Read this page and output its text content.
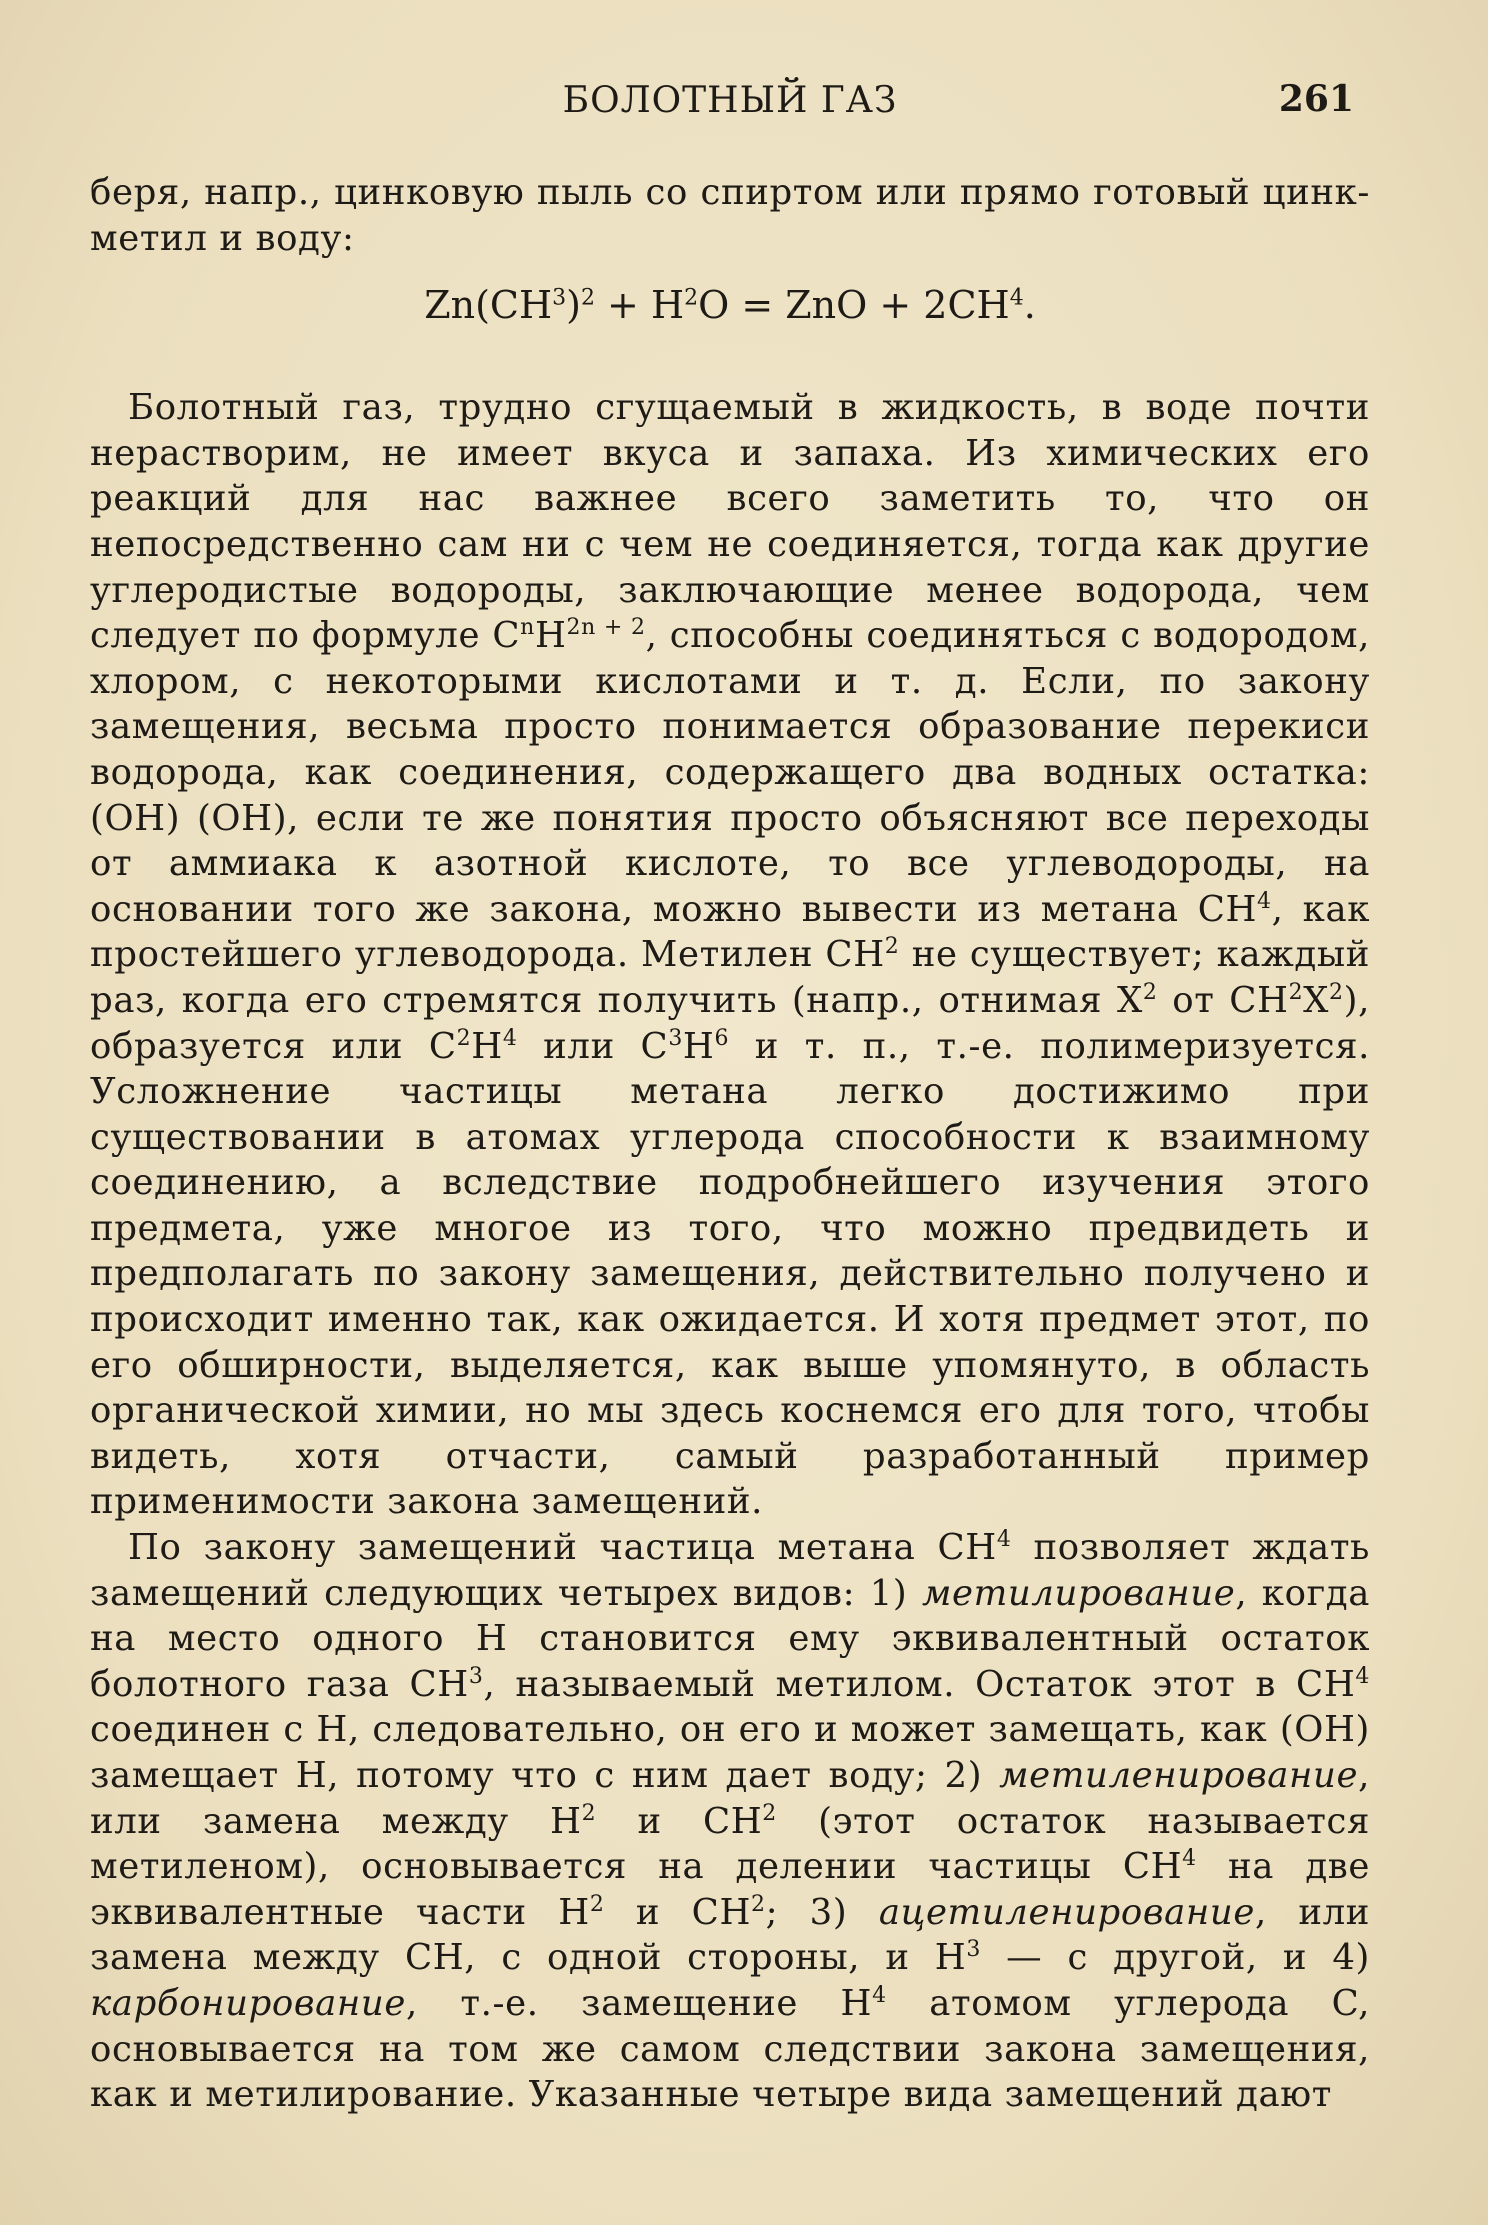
БОЛОТНЫЙ ГАЗ	261

беря, напр., цинковую пыль со спиртом или прямо готовый цинк-метил и воду:

$Zn(CH^3)^2 + H^2O$ = ZnO + $2CH^4$.

Болотный газ, трудно сгущаемый в жидкость, в воде почти нерастворим, не имеет вкуса и запаха. Из химических его реакций для нас важнее всего заметить то, что он непосредственно сам ни с чем не соединяется, тогда как другие углеродистые водороды, заключающие менее водорода, чем следует по формуле $C^nH^{2n + 2}$, способны соединяться с водородом, хлором, с некоторыми кислотами и т. д. Если, по закону замещения, весьма просто понимается образование перекиси водорода, как соединения, содержащего два водных остатка: (OH) (OH), если те же понятия просто объясняют все переходы от аммиака к азотной кислоте, то все углеводороды, на основании того же закона, можно вывести из метана $CH^4$, как простейшего углеводорода. Метилен $CH^2$ не существует; каждый раз, когда его стремятся получить (напр., отнимая $X^2$ от $CH^2X^2$), образуется или $C^2H^4$ или $C^3H^6$ и т. п., т.-е. полимеризуется. Усложнение частицы метана легко достижимо при существовании в атомах углерода способности к взаимному соединению, а вследствие подробнейшего изучения этого предмета, уже многое из того, что можно предвидеть и предполагать по закону замещения, действительно получено и происходит именно так, как ожидается. И хотя предмет этот, по его обширности, выделяется, как выше упомянуто, в область органической химии, но мы здесь коснемся его для того, чтобы видеть, хотя отчасти, самый разработанный пример применимости закона замещений.

По закону замещений частица метана $CH^4$ позволяет ждать замещений следующих четырех видов: 1) метилирование, когда на место одного H становится ему эквивалентный остаток болотного газа $CH^3$, называемый метилом. Остаток этот в $CH^4$ соединен с H, следовательно, он его и может замещать, как (OH) замещает H, потому что с ним дает воду; 2) метиленирование, или замена между $H^2$ и $CH^2$ (этот остаток называется метиленом), основывается на делении частицы $CH^4$ на две эквивалентные части $H^2$ и $CH^2$; 3) ацетиленирование, или замена между CH, с одной стороны, и $H^3$ — с другой, и 4) карбонирование, т.-е. замещение $H^4$ атомом углерода C, основывается на том же самом следствии закона замещения, как и метилирование. Указанные четыре вида замещений дают
